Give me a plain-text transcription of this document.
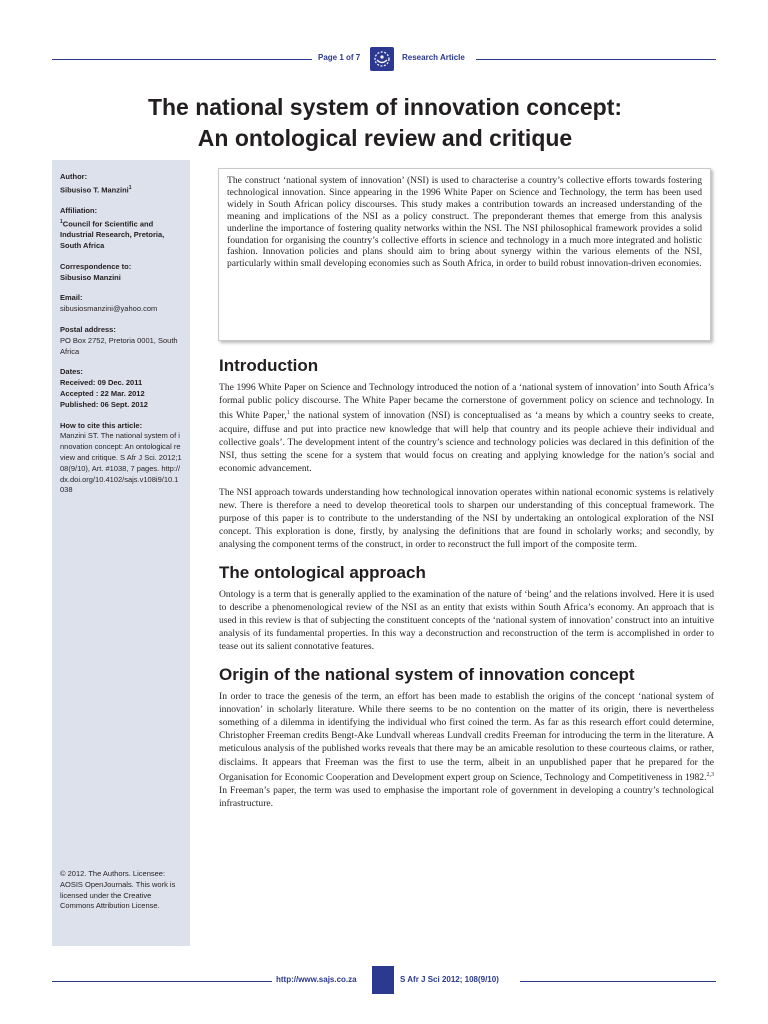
Page 1 of 7	Research Article
The national system of innovation concept:
An ontological review and critique
Author:
Sibusiso T. Manzini$^1$
Affiliation:
$^1$Council for Scientific and Industrial Research, Pretoria, South Africa
Correspondence to:
Sibusiso Manzini
Email:
sibusiosmanzini@yahoo.com
Postal address:
PO Box 2752, Pretoria 0001, South Africa
Dates:
Received: 09 Dec. 2011
Accepted : 22 Mar. 2012
Published: 06 Sept. 2012
How to cite this article:
Manzini ST. The national system of innovation concept: An ontological review and critique. S Afr J Sci. 2012;108(9/10), Art. #1038, 7 pages. http://dx.doi.org/10.4102/sajs.v108i9/10.1038
© 2012. The Authors. Licensee: AOSIS OpenJournals. This work is licensed under the Creative Commons Attribution License.
The construct ‘national system of innovation’ (NSI) is used to characterise a country’s collective efforts towards fostering technological innovation. Since appearing in the 1996 White Paper on Science and Technology, the term has been used widely in South African policy discourses. This study makes a contribution towards an increased understanding of the meaning and implications of the NSI as a policy construct. The preponderant themes that emerge from this analysis underline the importance of fostering quality networks within the NSI. The NSI philosophical framework provides a solid foundation for organising the country’s collective efforts in science and technology in a much more integrated and holistic fashion. Innovation policies and plans should aim to bring about synergy within the various elements of the NSI, particularly within small developing economies such as South Africa, in order to build robust innovation-driven economies.
Introduction

The 1996 White Paper on Science and Technology introduced the notion of a ‘national system of innovation’ into South Africa’s formal public policy discourse. The White Paper became the cornerstone of government policy on science and technology. In this White Paper,$^1$ the national system of innovation (NSI) is conceptualised as ‘a means by which a country seeks to create, acquire, diffuse and put into practice new knowledge that will help that country and its people achieve their individual and collective goals’. The development intent of the country’s science and technology policies was declared in this definition of the NSI, thus setting the scene for a system that would focus on creating and applying knowledge for the nation’s social and economic advancement.

The NSI approach towards understanding how technological innovation operates within national economic systems is relatively new. There is therefore a need to develop theoretical tools to sharpen our understanding of this conceptual framework. The purpose of this paper is to contribute to the understanding of the NSI by undertaking an ontological exploration of the NSI concept. This exploration is done, firstly, by analysing the definitions that are found in scholarly works; and secondly, by analysing the component terms of the construct, in order to reconstruct the full import of the composite term.

The ontological approach

Ontology is a term that is generally applied to the examination of the nature of ‘being’ and the relations involved. Here it is used to describe a phenomenological review of the NSI as an entity that exists within South Africa’s economy. An approach that is used in this review is that of subjecting the constituent concepts of the ‘national system of innovation’ construct into an intuitive analysis of its fundamental properties. In this way a deconstruction and reconstruction of the term is accomplished in order to tease out its salient connotative features.

Origin of the national system of innovation concept

In order to trace the genesis of the term, an effort has been made to establish the origins of the concept ‘national system of innovation’ in scholarly literature. While there seems to be no contention on the matter of its origin, there is nevertheless something of a dilemma in identifying the individual who first coined the term. As far as this research effort could determine, Christopher Freeman credits Bengt-Ake Lundvall whereas Lundvall credits Freeman for introducing the term in the literature. A meticulous analysis of the published works reveals that there may be an amicable resolution to these courteous claims, or rather, disclaims. It appears that Freeman was the first to use the term, albeit in an unpublished paper that he prepared for the Organisation for Economic Cooperation and Development expert group on Science, Technology and Competitiveness in 1982.$^{2,3}$ In Freeman’s paper, the term was used to emphasise the important role of government in developing a country’s technological infrastructure.

http://www.sajs.co.za	S Afr J Sci 2012; 108(9/10)
